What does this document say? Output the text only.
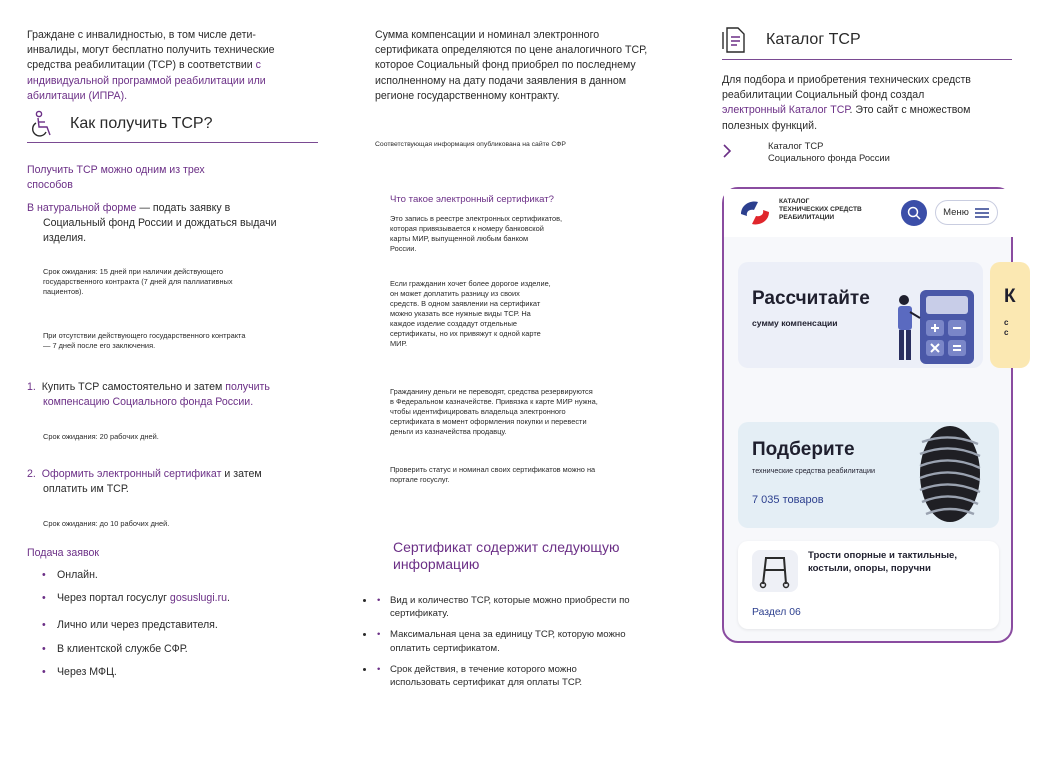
Граждане с инвалидностью, в том числе дети-
инвалиды, могут бесплатно получить технические
средства реабилитации (ТСР) в соответствии с
индивидуальной программой реабилитации или
абилитации (ИПРА).
Как получить ТСР?
Получить ТСР можно одним из трех
способов
В натуральной форме — подать заявку в
Социальный фонд России и дождаться выдачи
изделия.
Срок ожидания: 15 дней при наличии действующего
государственного контракта (7 дней для паллиативных
пациентов).
При отсутствии действующего государственного контракта
— 7 дней после его заключения.
1. Купить ТСР самостоятельно и затем получить
компенсацию Социального фонда России.
Срок ожидания: 20 рабочих дней.
2. Оформить электронный сертификат и затем
оплатить им ТСР.
Срок ожидания: до 10 рабочих дней.
Подача заявок
• Онлайн.
• Через портал госуслуг gosuslugi.ru.
• Лично или через представителя.
• В клиентской службе СФР.
• Через МФЦ.
Сумма компенсации и номинал электронного
сертификата определяются по цене аналогичного ТСР,
которое Социальный фонд приобрел по последнему
исполненному на дату подачи заявления в данном
регионе государственному контракту.
Соответствующая информация опубликована на сайте СФР
Что такое электронный сертификат?
Это запись в реестре электронных сертификатов,
которая привязывается к номеру банковской
карты МИР, выпущенной любым банком
России.
Если гражданин хочет более дорогое изделие,
он может доплатить разницу из своих
средств. В одном заявлении на сертификат
можно указать все нужные виды ТСР. На
каждое изделие создадут отдельные
сертификаты, но их привяжут к одной карте
МИР.
Гражданину деньги не переводят, средства резервируются
в Федеральном казначействе. Привязка к карте МИР нужна,
чтобы идентифицировать владельца электронного
сертификата в момент оформления покупки и перевести
деньги из казначейства продавцу.
Проверить статус и номинал своих сертификатов можно на
портале госуслуг.
Сертификат содержит следующую
информацию
• • Вид и количество ТСР, которые можно приобрести по
сертификату.
• • Максимальная цена за единицу ТСР, которую можно
оплатить сертификатом.
• • Срок действия, в течение которого можно
использовать сертификат для оплаты ТСР.
Каталог ТСР
Для подбора и приобретения технических средств
реабилитации Социальный фонд создал
электронный Каталог ТСР. Это сайт с множеством
полезных функций.
Каталог ТСР
Социального фонда России
КАТАЛОГ
ТЕХНИЧЕСКИХ СРЕДСТВ
РЕАБИЛИТАЦИИ	Меню
Рассчитайте
сумму компенсации
К
с
с
Подберите
технические средства реабилитации
7 035 товаров
Трости опорные и тактильные,
костыли, опоры, поручни
Раздел 06
